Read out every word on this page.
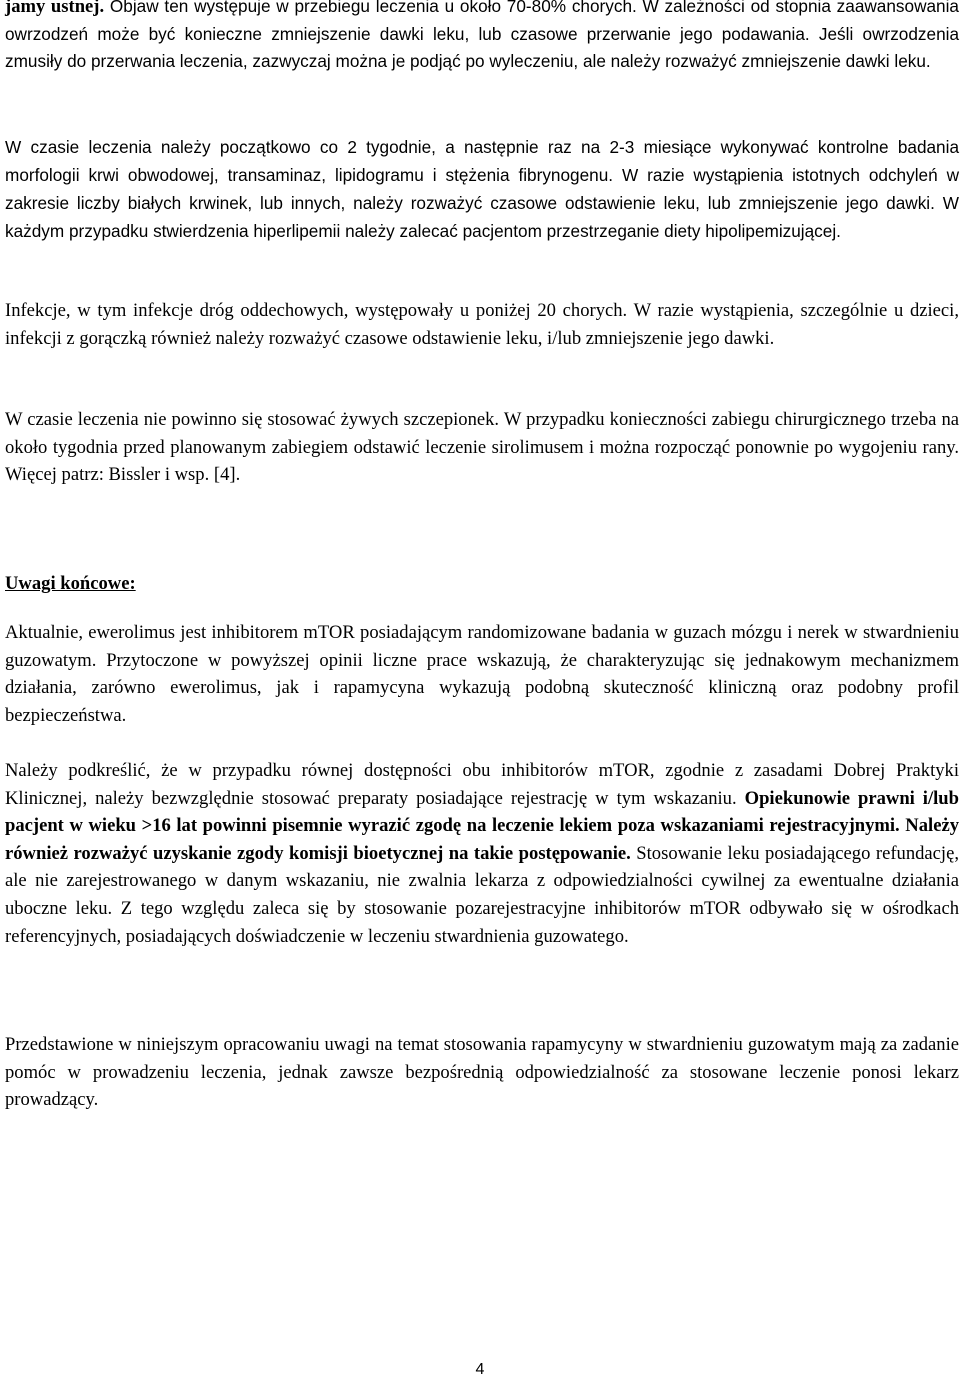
jamy ustnej. Objaw ten występuje w przebiegu leczenia u około 70-80% chorych. W zależności od stopnia zaawansowania owrzodzeń może być konieczne zmniejszenie dawki leku, lub czasowe przerwanie jego podawania. Jeśli owrzodzenia zmusiły do przerwania leczenia, zazwyczaj można je podjąć po wyleczeniu, ale należy rozważyć zmniejszenie dawki leku.

W czasie leczenia należy początkowo co 2 tygodnie, a następnie raz na 2-3 miesiące wykonywać kontrolne badania morfologii krwi obwodowej, transaminaz, lipidogramu i stężenia fibrynogenu. W razie wystąpienia istotnych odchyleń w zakresie liczby białych krwinek, lub innych, należy rozważyć czasowe odstawienie leku, lub zmniejszenie jego dawki. W każdym przypadku stwierdzenia hiperlipemii należy zalecać pacjentom przestrzeganie diety hipolipemizującej.

Infekcje, w tym infekcje dróg oddechowych, występowały u poniżej 20 chorych. W razie wystąpienia, szczególnie u dzieci, infekcji z gorączką również należy rozważyć czasowe odstawienie leku, i/lub zmniejszenie jego dawki.

W czasie leczenia nie powinno się stosować żywych szczepionek. W przypadku konieczności zabiegu chirurgicznego trzeba na około tygodnia przed planowanym zabiegiem odstawić leczenie sirolimusem i można rozpocząć ponownie po wygojeniu rany. Więcej patrz: Bissler i wsp. [4].

Uwagi końcowe:

Aktualnie, ewerolimus jest inhibitorem mTOR posiadającym randomizowane badania w guzach mózgu i nerek w stwardnieniu guzowatym. Przytoczone w powyższej opinii liczne prace wskazują, że charakteryzując się jednakowym mechanizmem działania, zarówno ewerolimus, jak i rapamycyna wykazują podobną skuteczność kliniczną oraz podobny profil bezpieczeństwa.

Należy podkreślić, że w przypadku równej dostępności obu inhibitorów mTOR, zgodnie z zasadami Dobrej Praktyki Klinicznej, należy bezwzględnie stosować preparaty posiadające rejestrację w tym wskazaniu. Opiekunowie prawni i/lub pacjent w wieku >16 lat powinni pisemnie wyrazić zgodę na leczenie lekiem poza wskazaniami rejestracyjnymi. Należy również rozważyć uzyskanie zgody komisji bioetycznej na takie postępowanie. Stosowanie leku posiadającego refundację, ale nie zarejestrowanego w danym wskazaniu, nie zwalnia lekarza z odpowiedzialności cywilnej za ewentualne działania uboczne leku. Z tego względu zaleca się by stosowanie pozarejestracyjne inhibitorów mTOR odbywało się w ośrodkach referencyjnych, posiadających doświadczenie w leczeniu stwardnienia guzowatego.

Przedstawione w niniejszym opracowaniu uwagi na temat stosowania rapamycyny w stwardnieniu guzowatym mają za zadanie pomóc w prowadzeniu leczenia, jednak zawsze bezpośrednią odpowiedzialność za stosowane leczenie ponosi lekarz prowadzący.

4
